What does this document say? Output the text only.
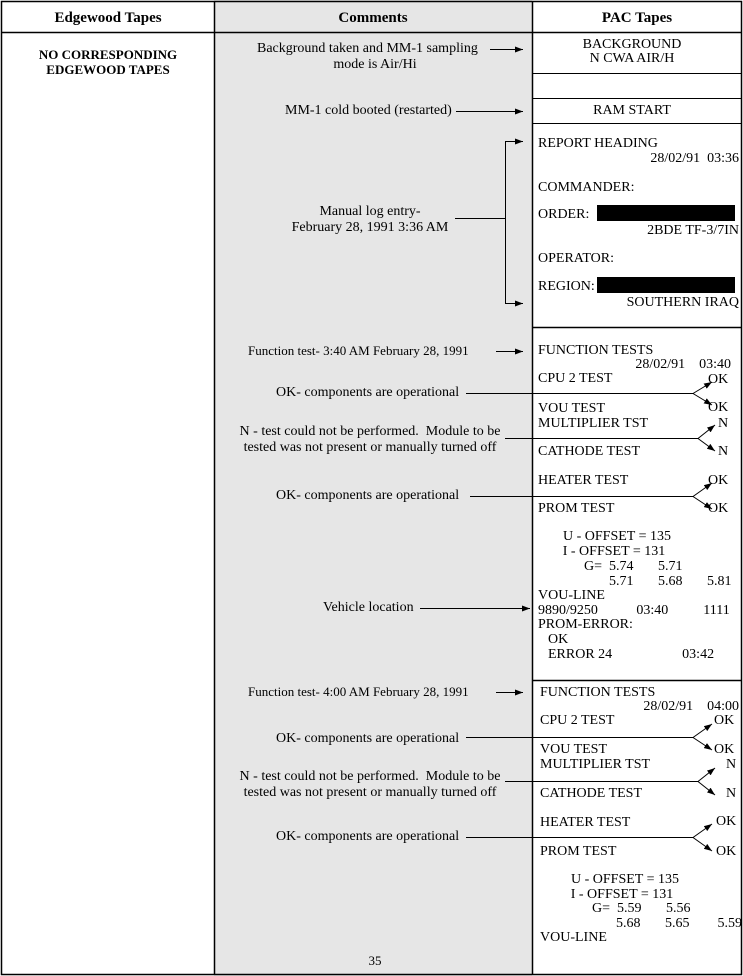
Edgewood Tapes	Comments	PAC Tapes
NO CORRESPONDING
EDGEWOOD TAPES
Background taken and MM-1 sampling
mode is Air/Hi
MM-1 cold booted (restarted)
Manual log entry-
February 28, 1991 3:36 AM
Function test- 3:40 AM February 28, 1991
OK- components are operational
N - test could not be performed.  Module to be
tested was not present or manually turned off
OK- components are operational
Vehicle location
Function test- 4:00 AM February 28, 1991
OK- components are operational
N - test could not be performed.  Module to be
tested was not present or manually turned off
OK- components are operational
35
BACKGROUND
N CWA AIR/H
RAM START
REPORT HEADING
28/02/91  03:36
COMMANDER:
ORDER:
2BDE TF-3/7IN
OPERATOR:
REGION:
SOUTHERN IRAQ
FUNCTION TESTS
28/02/91    03:40
CPU 2 TEST
VOU TEST
MULTIPLIER TST
CATHODE TEST
HEATER TEST
PROM TEST
OK
OK
N
N
OK
OK
U - OFFSET = 135
I - OFFSET = 131
G=  5.74       5.71
5.71       5.68       5.81
VOU-LINE
9890/9250           03:40          1111
PROM-ERROR:
OK
ERROR 24                    03:42
FUNCTION TESTS
28/02/91    04:00
CPU 2 TEST
VOU TEST
MULTIPLIER TST
CATHODE TEST
HEATER TEST
PROM TEST
OK
OK
N
N
OK
OK
U - OFFSET = 135
I - OFFSET = 131
G=  5.59       5.56
5.68       5.65        5.59
VOU-LINE
